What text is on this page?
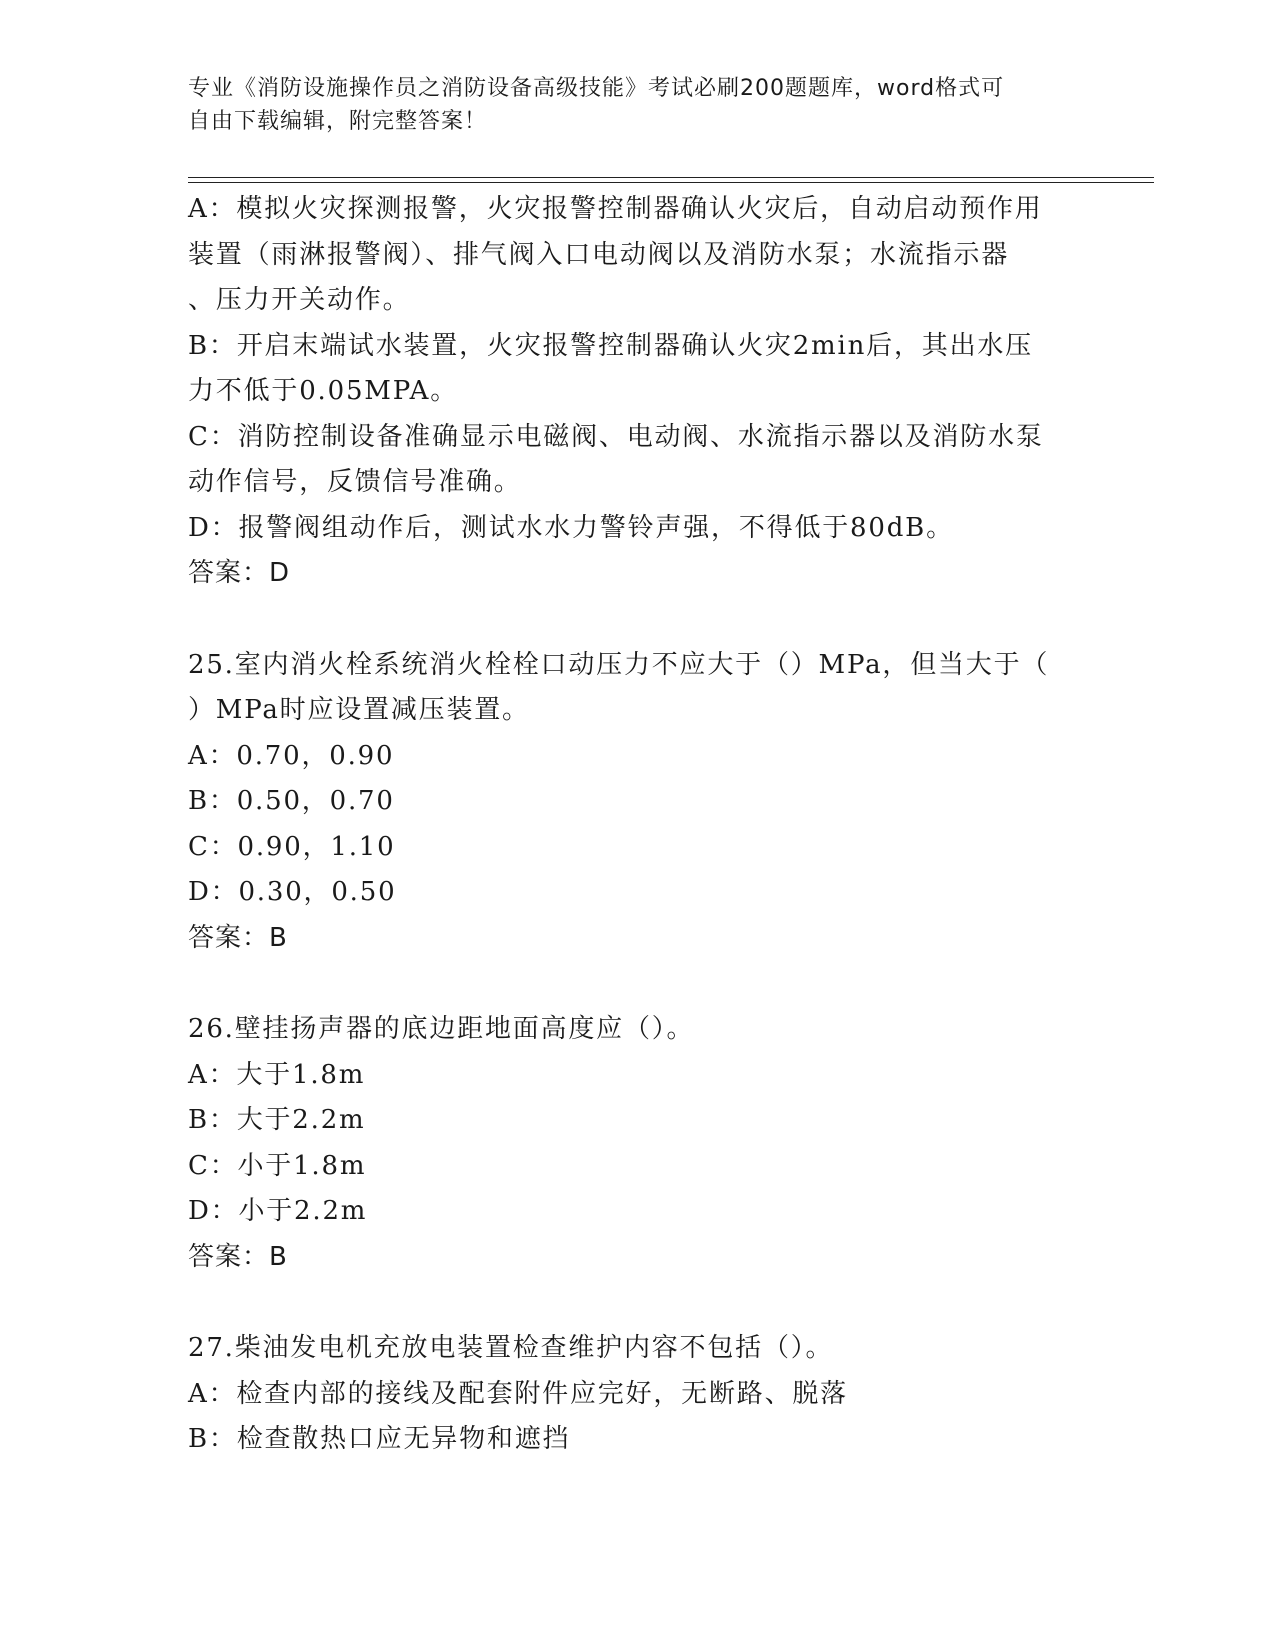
专业《消防设施操作员之消防设备高级技能》考试必刷200题题库，word格式可
自由下载编辑，附完整答案！
A：模拟火灾探测报警，火灾报警控制器确认火灾后，自动启动预作用
装置（雨淋报警阀）、排气阀入口电动阀以及消防水泵；水流指示器
、压力开关动作。
B：开启末端试水装置，火灾报警控制器确认火灾2min后，其出水压
力不低于0.05MPA。
C：消防控制设备准确显示电磁阀、电动阀、水流指示器以及消防水泵
动作信号，反馈信号准确。
D：报警阀组动作后，测试水水力警铃声强，不得低于80dB。
答案：D
25.室内消火栓系统消火栓栓口动压力不应大于（）MPa，但当大于（
）MPa时应设置减压装置。
A：0.70，0.90
B：0.50，0.70
C：0.90，1.10
D：0.30，0.50
答案：B
26.壁挂扬声器的底边距地面高度应（）。
A：大于1.8m
B：大于2.2m
C：小于1.8m
D：小于2.2m
答案：B
27.柴油发电机充放电装置检查维护内容不包括（）。
A：检查内部的接线及配套附件应完好，无断路、脱落
B：检查散热口应无异物和遮挡
